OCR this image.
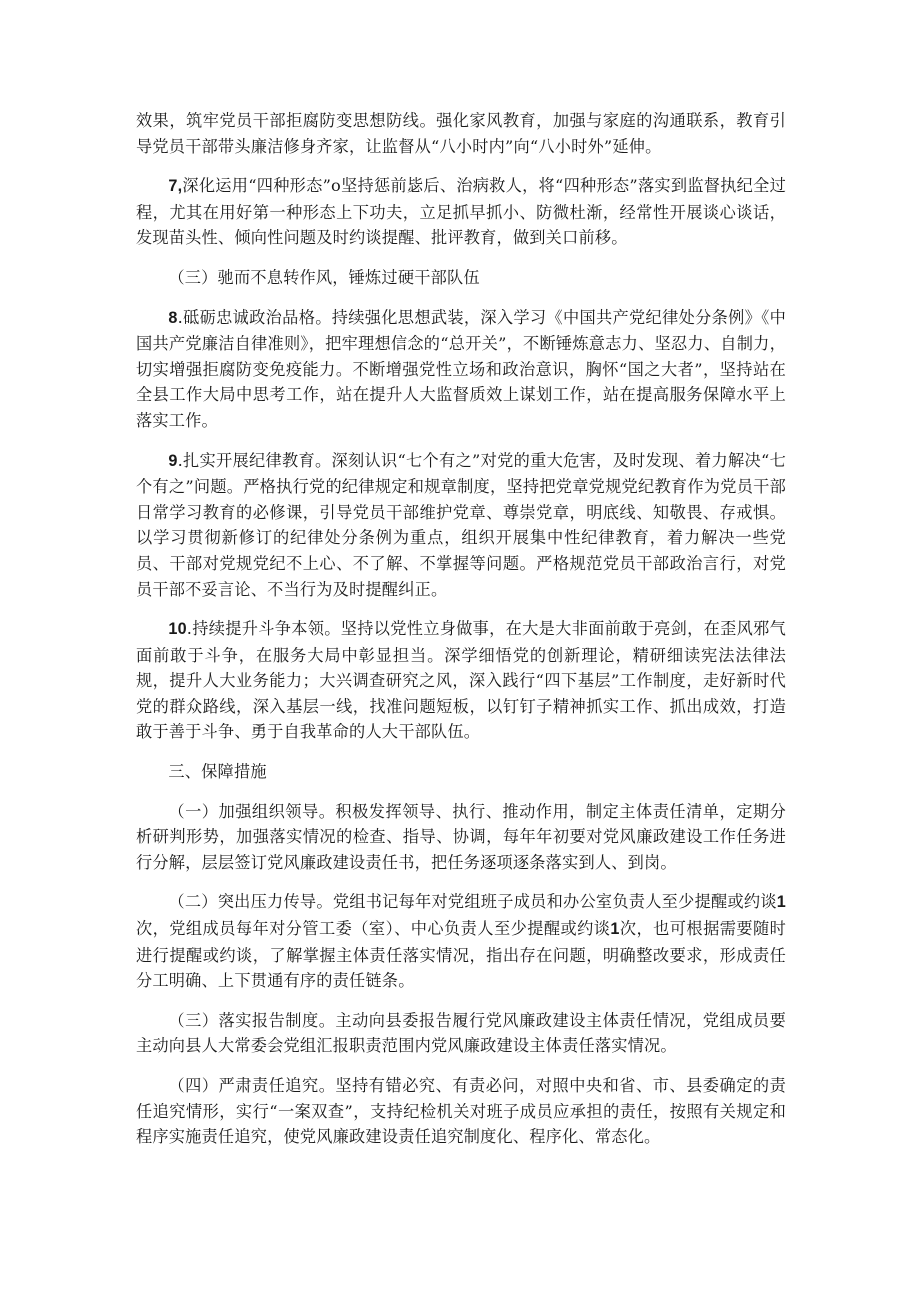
效果，筑牢党员干部拒腐防变思想防线。强化家风教育，加强与家庭的沟通联系，教育引导党员干部带头廉洁修身齐家，让监督从“八小时内”向“八小时外”延伸。

7,深化运用“四种形态”o坚持惩前毖后、治病救人，将“四种形态”落实到监督执纪全过程，尤其在用好第一种形态上下功夫，立足抓早抓小、防微杜渐，经常性开展谈心谈话，发现苗头性、倾向性问题及时约谈提醒、批评教育，做到关口前移。

（三）驰而不息转作风，锤炼过硬干部队伍

8.砥砺忠诚政治品格。持续强化思想武装，深入学习《中国共产党纪律处分条例》《中国共产党廉洁自律准则》，把牢理想信念的“总开关”，不断锤炼意志力、坚忍力、自制力，切实增强拒腐防变免疫能力。不断增强党性立场和政治意识，胸怀“国之大者”，坚持站在全县工作大局中思考工作，站在提升人大监督质效上谋划工作，站在提高服务保障水平上落实工作。

9.扎实开展纪律教育。深刻认识“七个有之”对党的重大危害，及时发现、着力解决“七个有之”问题。严格执行党的纪律规定和规章制度，坚持把党章党规党纪教育作为党员干部日常学习教育的必修课，引导党员干部维护党章、尊崇党章，明底线、知敬畏、存戒惧。以学习贯彻新修订的纪律处分条例为重点，组织开展集中性纪律教育，着力解决一些党员、干部对党规党纪不上心、不了解、不掌握等问题。严格规范党员干部政治言行，对党员干部不妥言论、不当行为及时提醒纠正。

10.持续提升斗争本领。坚持以党性立身做事，在大是大非面前敢于亮剑，在歪风邪气面前敢于斗争，在服务大局中彰显担当。深学细悟党的创新理论，精研细读宪法法律法规，提升人大业务能力；大兴调查研究之风，深入践行“四下基层”工作制度，走好新时代党的群众路线，深入基层一线，找准问题短板，以钉钉子精神抓实工作、抓出成效，打造敢于善于斗争、勇于自我革命的人大干部队伍。

三、保障措施

（一）加强组织领导。积极发挥领导、执行、推动作用，制定主体责任清单，定期分析研判形势，加强落实情况的检查、指导、协调，每年年初要对党风廉政建设工作任务进行分解，层层签订党风廉政建设责任书，把任务逐项逐条落实到人、到岗。

（二）突出压力传导。党组书记每年对党组班子成员和办公室负责人至少提醒或约谈1次，党组成员每年对分管工委（室）、中心负责人至少提醒或约谈1次，也可根据需要随时进行提醒或约谈，了解掌握主体责任落实情况，指出存在问题，明确整改要求，形成责任分工明确、上下贯通有序的责任链条。

（三）落实报告制度。主动向县委报告履行党风廉政建设主体责任情况，党组成员要主动向县人大常委会党组汇报职责范围内党风廉政建设主体责任落实情况。

（四）严肃责任追究。坚持有错必究、有责必问，对照中央和省、市、县委确定的责任追究情形，实行“一案双查”，支持纪检机关对班子成员应承担的责任，按照有关规定和程序实施责任追究，使党风廉政建设责任追究制度化、程序化、常态化。
